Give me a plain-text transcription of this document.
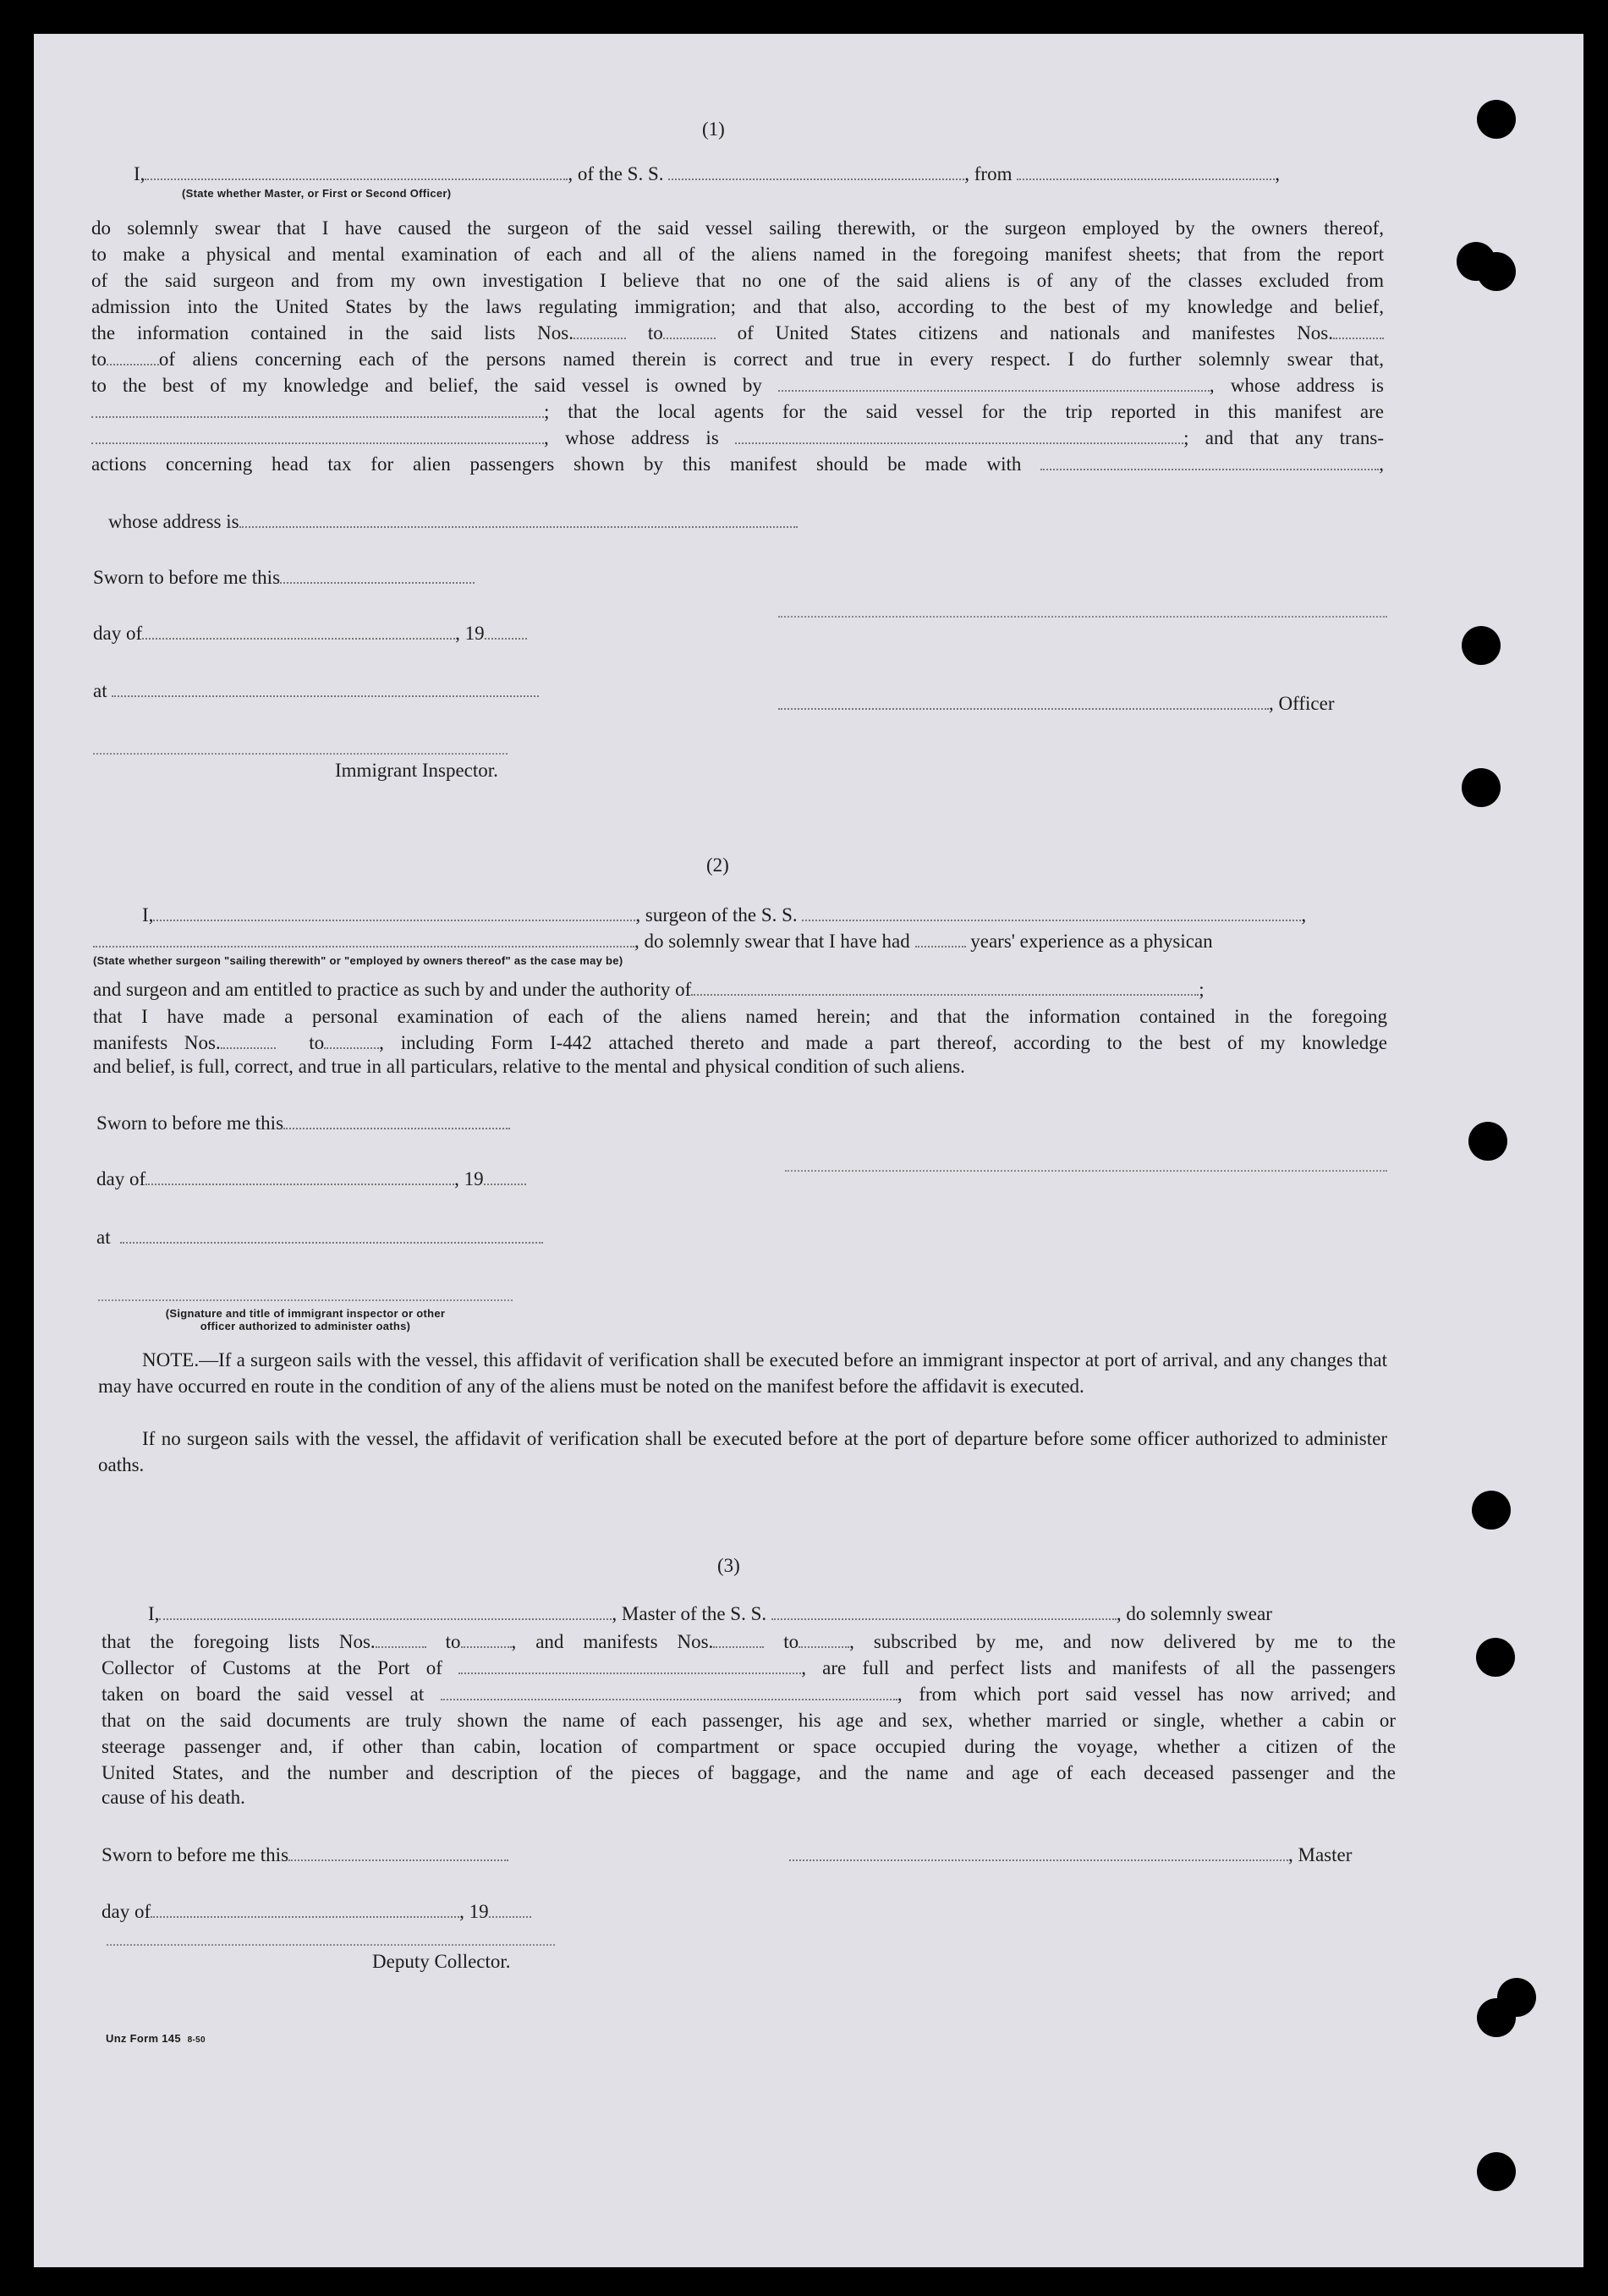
(1)
I,	, of the S. S.	, from	,
(State whether Master, or First or Second Officer)
do solemnly swear that I have caused the surgeon of the said vessel sailing therewith, or the surgeon employed by the owners thereof,
to make a physical and mental examination of each and all of the aliens named in the foregoing manifest sheets; that from the report
of the said surgeon and from my own investigation I believe that no one of the said aliens is of any of the classes excluded from
admission into the United States by the laws regulating immigration; and that also, according to the best of my knowledge and belief,
the information contained in the said lists Nos.	to	of United States citizens and nationals and manifestes Nos.
to	of aliens concerning each of the persons named therein is correct and true in every respect. I do further solemnly swear that,
to the best of my knowledge and belief, the said vessel is owned by	, whose address is
; that the local agents for the said vessel for the trip reported in this manifest are
, whose address is	; and that any trans-
actions concerning head tax for alien passengers shown by this manifest should be made with	,
whose address is
Sworn to before me this
day of	, 19
at
, Officer
Immigrant Inspector.
(2)
I,	, surgeon of the S. S.	,
, do solemnly swear that I have had	years' experience as a physican
(State whether surgeon "sailing therewith" or "employed by owners thereof" as the case may be)
and surgeon and am entitled to practice as such by and under the authority of	;
that I have made a personal examination of each of the aliens named herein; and that the information contained in the foregoing
manifests Nos.	to	, including Form I-442 attached thereto and made a part thereof, according to the best of my knowledge
and belief, is full, correct, and true in all particulars, relative to the mental and physical condition of such aliens.
Sworn to before me this
day of	, 19
at
(Signature and title of immigrant inspector or other
officer authorized to administer oaths)
NOTE.—If a surgeon sails with the vessel, this affidavit of verification shall be executed before an immigrant inspector at port of arrival, and any changes that may have occurred en route in the condition of any of the aliens must be noted on the manifest before the affidavit is executed.
If no surgeon sails with the vessel, the affidavit of verification shall be executed before at the port of departure before some officer authorized to administer oaths.
(3)
I,	, Master of the S. S.	, do solemnly swear
that the foregoing lists Nos.	to	, and manifests Nos.	to	, subscribed by me, and now delivered by me to the
Collector of Customs at the Port of	, are full and perfect lists and manifests of all the passengers
taken on board the said vessel at	, from which port said vessel has now arrived; and
that on the said documents are truly shown the name of each passenger, his age and sex, whether married or single, whether a cabin or
steerage passenger and, if other than cabin, location of compartment or space occupied during the voyage, whether a citizen of the
United States, and the number and description of the pieces of baggage, and the name and age of each deceased passenger and the
cause of his death.
Sworn to before me this	, Master
day of	, 19
Deputy Collector.
Unz Form 145 8-50
